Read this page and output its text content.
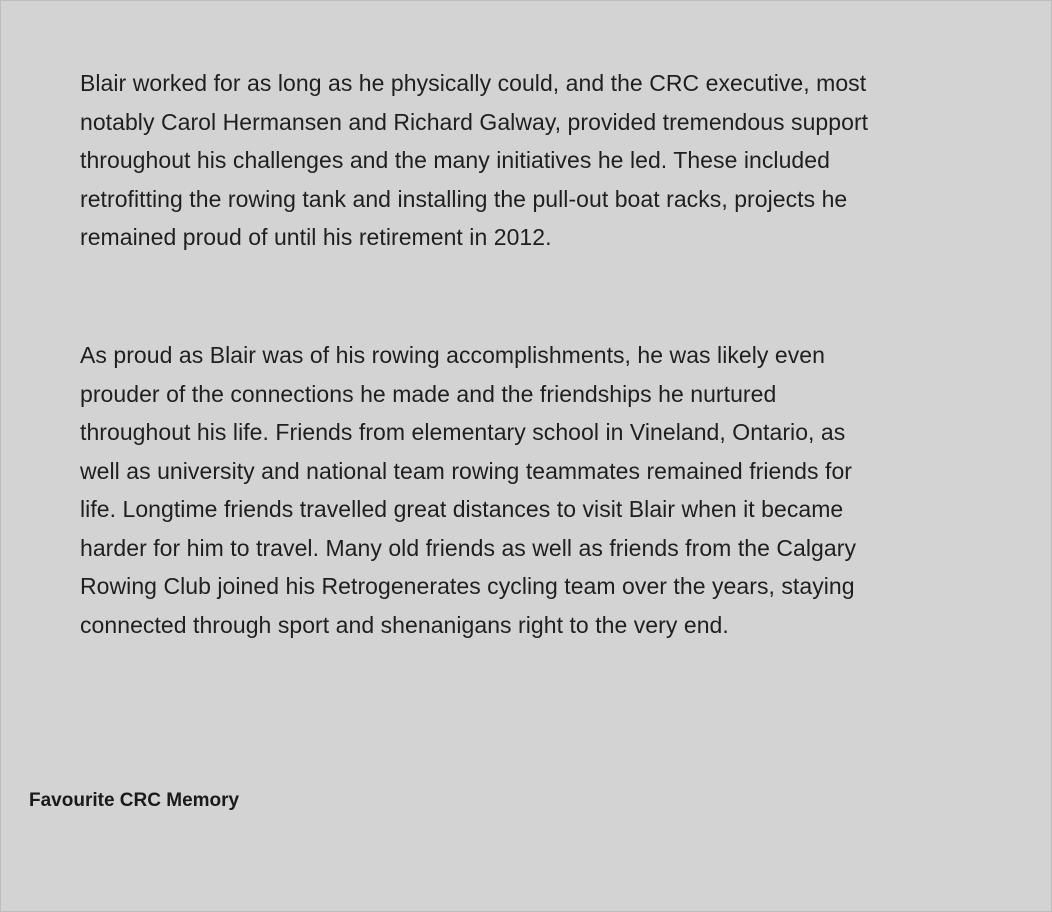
Blair worked for as long as he physically could, and the CRC executive, most
notably Carol Hermansen and Richard Galway, provided tremendous support
throughout his challenges and the many initiatives he led. These included
retrofitting the rowing tank and installing the pull-out boat racks, projects he
remained proud of until his retirement in 2012.

As proud as Blair was of his rowing accomplishments, he was likely even
prouder of the connections he made and the friendships he nurtured
throughout his life. Friends from elementary school in Vineland, Ontario, as
well as university and national team rowing teammates remained friends for
life. Longtime friends travelled great distances to visit Blair when it became
harder for him to travel. Many old friends as well as friends from the Calgary
Rowing Club joined his Retrogenerates cycling team over the years, staying
connected through sport and shenanigans right to the very end.

Favourite CRC Memory
